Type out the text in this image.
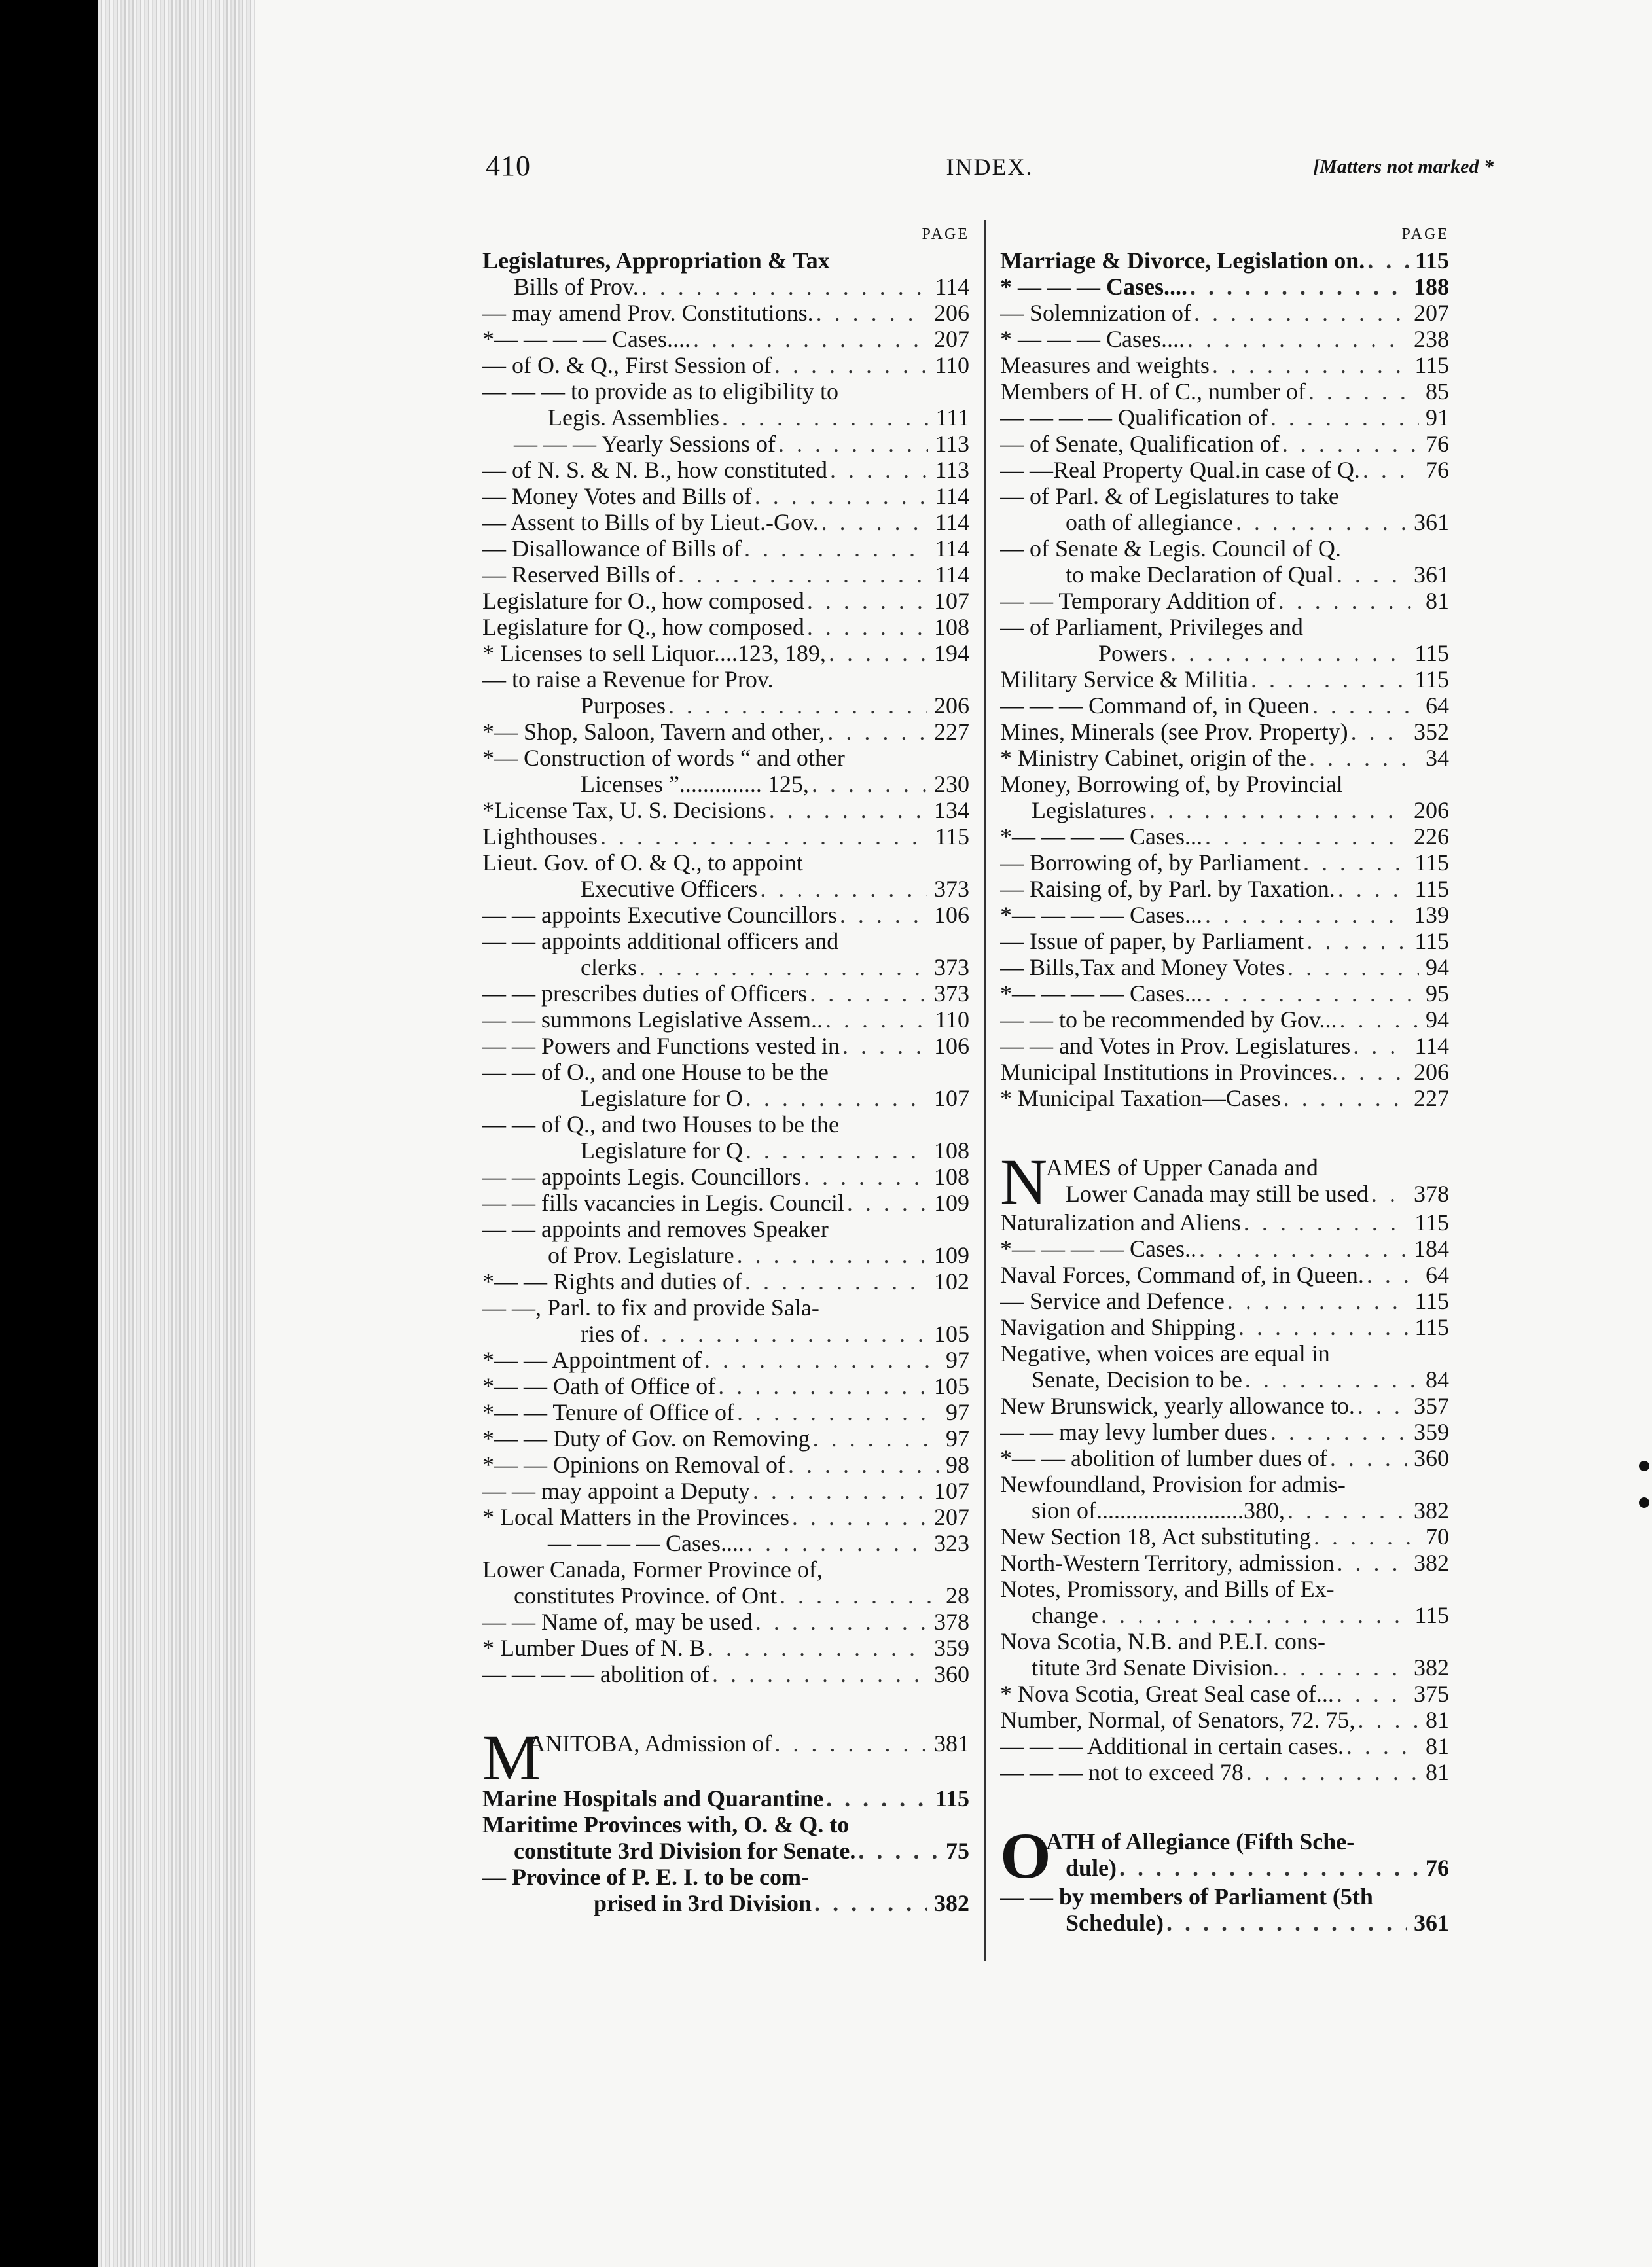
410	INDEX.	[Matters not marked *
PAGE
Legislatures, Appropriation & Tax
Bills of Prov. . . .	114
— may amend Prov. Constitutions. . . .	206
*— — — — Cases.... . . .	207
— of O. & Q., First Session of . . .	110
— — — to provide as to eligibility to
Legis. Assemblies . . .	111
— — — Yearly Sessions of . . .	113
— of N. S. & N. B., how constituted . . .	113
— Money Votes and Bills of . . .	114
— Assent to Bills of by Lieut.-Gov. . . .	114
— Disallowance of Bills of . . .	114
— Reserved Bills of . . .	114
Legislature for O., how composed . . .	107
Legislature for Q., how composed . . .	108
* Licenses to sell Liquor....123, 189, . . .	194
— to raise a Revenue for Prov.
Purposes . . .	206
*— Shop, Saloon, Tavern and other, . . .	227
*— Construction of words “ and other
Licenses ”.............. 125, . . .	230
*License Tax, U. S. Decisions . . .	134
Lighthouses . . .	115
Lieut. Gov. of O. & Q., to appoint
Executive Officers . . .	373
— — appoints Executive Councillors . . .	106
— — appoints additional officers and
clerks . . .	373
— — prescribes duties of Officers . . .	373
— — summons Legislative Assem.. . . .	110
— — Powers and Functions vested in . . .	106
— — of O., and one House to be the
Legislature for O . . .	107
— — of Q., and two Houses to be the
Legislature for Q . . .	108
— — appoints Legis. Councillors . . .	108
— — fills vacancies in Legis. Council . . .	109
— — appoints and removes Speaker
of Prov. Legislature . . .	109
*— — Rights and duties of . . .	102
— —, Parl. to fix and provide Sala-
ries of . . .	105
*— — Appointment of . . .	97
*— — Oath of Office of . . .	105
*— — Tenure of Office of . . .	97
*— — Duty of Gov. on Removing . . .	97
*— — Opinions on Removal of . . .	98
— — may appoint a Deputy . . .	107
* Local Matters in the Provinces . . .	207
— — — — Cases.... . . .	323
Lower Canada, Former Province of,
constitutes Province. of Ont . . .	28
— — Name of, may be used . . .	378
* Lumber Dues of N. B . . .	359
— — — — abolition of . . .	360
M
ANITOBA, Admission of . . .	381
Marine Hospitals and Quarantine . . .	115
Maritime Provinces with, O. & Q. to
constitute 3rd Division for Senate. . . .	75
— Province of P. E. I. to be com-
prised in 3rd Division . . .	382
PAGE
Marriage & Divorce, Legislation on. . . . 115
* — — — Cases.... . . .	188
— Solemnization of . . .	207
* — — — Cases.... . . .	238
Measures and weights . . .	115
Members of H. of C., number of . . .	85
— — — — Qualification of . . .	91
— of Senate, Qualification of . . .	76
— —Real Property Qual.in case of Q. . . .	76
— of Parl. & of Legislatures to take
oath of allegiance . . .	361
— of Senate & Legis. Council of Q.
to make Declaration of Qual . . .	361
— — Temporary Addition of . . .	81
— of Parliament, Privileges and
Powers . . .	115
Military Service & Militia . . .	115
— — — Command of, in Queen . . .	64
Mines, Minerals (see Prov. Property) . . .	352
* Ministry Cabinet, origin of the . . .	34
Money, Borrowing of, by Provincial
Legislatures . . .	206
*— — — — Cases... . . .	226
— Borrowing of, by Parliament . . .	115
— Raising of, by Parl. by Taxation. . . .	115
*— — — — Cases... . . .	139
— Issue of paper, by Parliament . . .	115
— Bills,Tax and Money Votes . . .	94
*— — — — Cases... . . .	95
— — to be recommended by Gov... . . .	94
— — and Votes in Prov. Legislatures . . .	114
Municipal Institutions in Provinces. . . .	206
* Municipal Taxation—Cases . . .	227
N
AMES of Upper Canada and
Lower Canada may still be used . . . 378
Naturalization and Aliens . . .	115
*— — — — Cases.. . . .	184
Naval Forces, Command of, in Queen. . . .	64
— Service and Defence . . .	115
Navigation and Shipping . . .	115
Negative, when voices are equal in
Senate, Decision to be . . .	84
New Brunswick, yearly allowance to. . . .	357
— — may levy lumber dues . . .	359
*— — abolition of lumber dues of . . .	360
Newfoundland, Provision for admis-
sion of.........................380, . . .	382
New Section 18, Act substituting . . .	70
North-Western Territory, admission . . .	382
Notes, Promissory, and Bills of Ex-
change . . .	115
Nova Scotia, N.B. and P.E.I. cons-
titute 3rd Senate Division. . . .	382
* Nova Scotia, Great Seal case of... . . .	375
Number, Normal, of Senators, 72. 75, . . .	81
— — — Additional in certain cases. . . .	81
— — — not to exceed 78 . . .	81
O
ATH of Allegiance (Fifth Sche-
dule) . . .	76
— — by members of Parliament (5th
Schedule) . . .	361
